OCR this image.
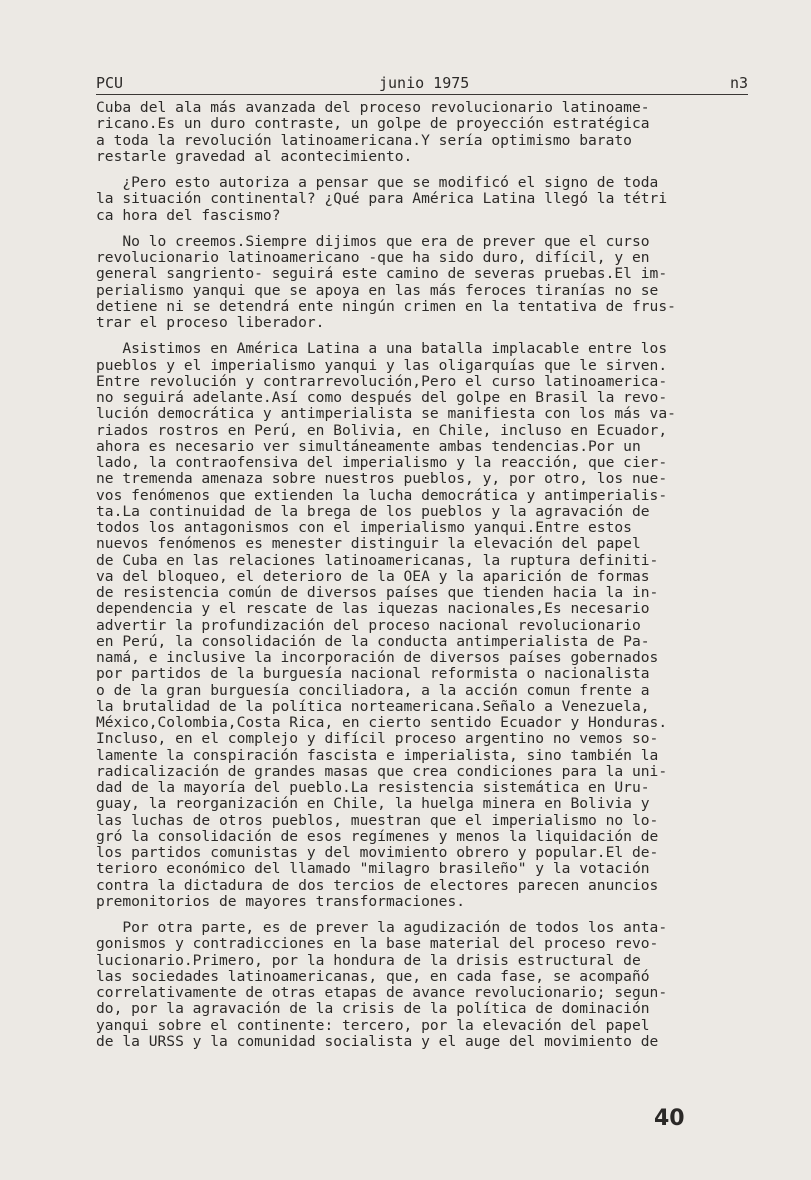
PCU	junio 1975	n3
Cuba del ala más avanzada del proceso revolucionario latinoame-
ricano.Es un duro contraste, un golpe de proyección estratégica
a toda la revolución latinoamericana.Y sería optimismo barato
restarle gravedad al acontecimiento.
¿Pero esto autoriza a pensar que se modificó el signo de toda
la situación continental? ¿Qué para América Latina llegó la tétri
ca hora del fascismo?
No lo creemos.Siempre dijimos que era de prever que el curso
revolucionario latinoamericano -que ha sido duro, difícil, y en
general sangriento- seguirá este camino de severas pruebas.El im-
perialismo yanqui que se apoya en las más feroces tiranías no se
detiene ni se detendrá ente ningún crimen en la tentativa de frus-
trar el proceso liberador.
Asistimos en América Latina a una batalla implacable entre los
pueblos y el imperialismo yanqui y las oligarquías que le sirven.
Entre revolución y contrarrevolución,Pero el curso latinoamerica-
no seguirá adelante.Así como después del golpe en Brasil la revo-
lución democrática y antimperialista se manifiesta con los más va-
riados rostros en Perú, en Bolivia, en Chile, incluso en Ecuador,
ahora es necesario ver simultáneamente ambas tendencias.Por un
lado, la contraofensiva del imperialismo y la reacción, que cier-
ne tremenda amenaza sobre nuestros pueblos, y, por otro, los nue-
vos fenómenos que extienden la lucha democrática y antimperialis-
ta.La continuidad de la brega de los pueblos y la agravación de
todos los antagonismos con el imperialismo yanqui.Entre estos
nuevos fenómenos es menester distinguir la elevación del papel
de Cuba en las relaciones latinoamericanas, la ruptura definiti-
va del bloqueo, el deterioro de la OEA y la aparición de formas
de resistencia común de diversos países que tienden hacia la in-
dependencia y el rescate de las iquezas nacionales,Es necesario
advertir la profundización del proceso nacional revolucionario
en Perú, la consolidación de la conducta antimperialista de Pa-
namá, e inclusive la incorporación de diversos países gobernados
por partidos de la burguesía nacional reformista o nacionalista
o de la gran burguesía conciliadora, a la acción comun frente a
la brutalidad de la política norteamericana.Señalo a Venezuela,
México,Colombia,Costa Rica, en cierto sentido Ecuador y Honduras.
Incluso, en el complejo y difícil proceso argentino no vemos so-
lamente la conspiración fascista e imperialista, sino también la
radicalización de grandes masas que crea condiciones para la uni-
dad de la mayoría del pueblo.La resistencia sistemática en Uru-
guay, la reorganización en Chile, la huelga minera en Bolivia y
las luchas de otros pueblos, muestran que el imperialismo no lo-
gró la consolidación de esos regímenes y menos la liquidación de
los partidos comunistas y del movimiento obrero y popular.El de-
terioro económico del llamado "milagro brasileño" y la votación
contra la dictadura de dos tercios de electores parecen anuncios
premonitorios de mayores transformaciones.
Por otra parte, es de prever la agudización de todos los anta-
gonismos y contradicciones en la base material del proceso revo-
lucionario.Primero, por la hondura de la drisis estructural de
las sociedades latinoamericanas, que, en cada fase, se acompañó
correlativamente de otras etapas de avance revolucionario; segun-
do, por la agravación de la crisis de la política de dominación
yanqui sobre el continente: tercero, por la elevación del papel
de la URSS y la comunidad socialista y el auge del movimiento de
40
